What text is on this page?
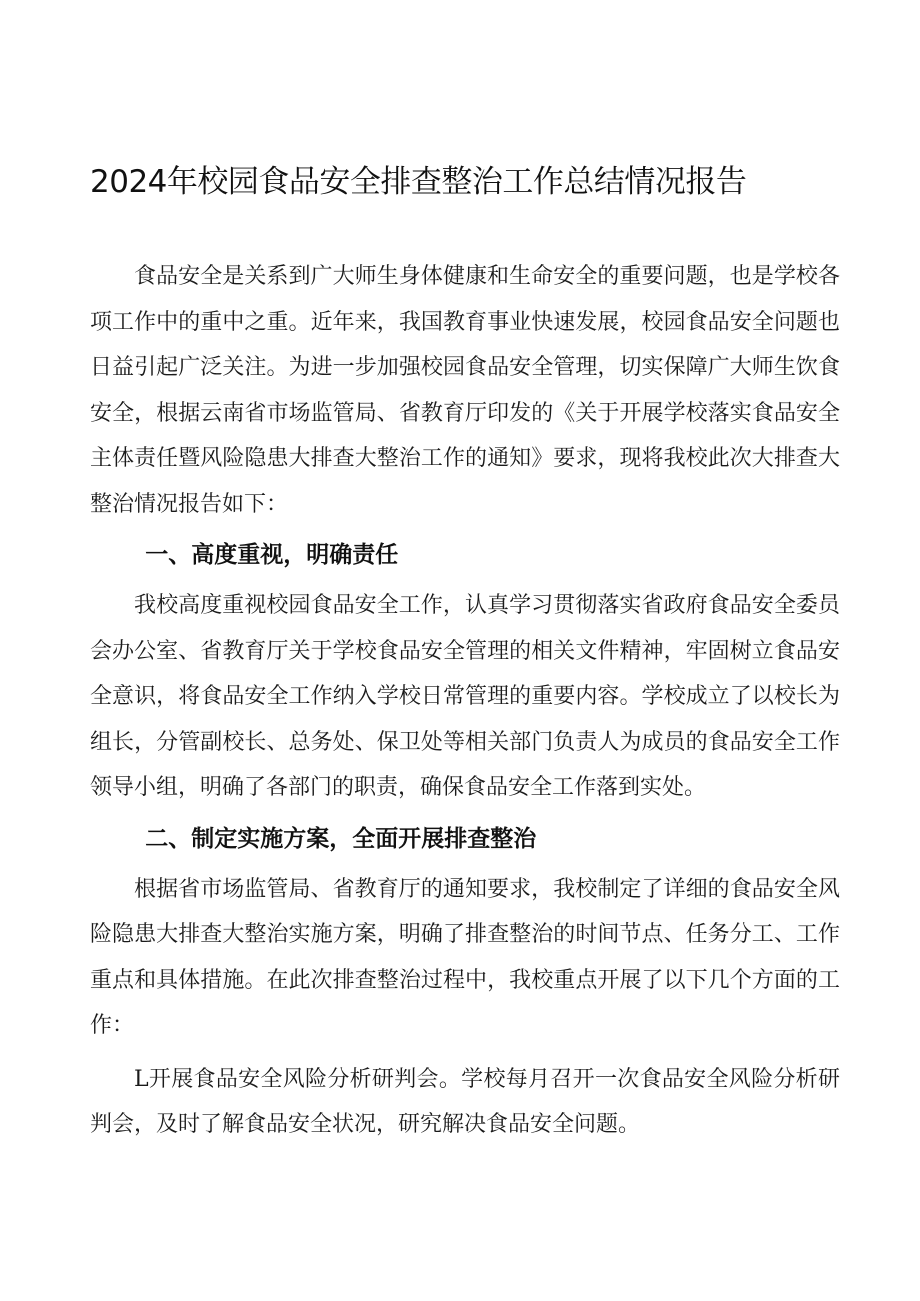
2024年校园食品安全排查整治工作总结情况报告

食品安全是关系到广大师生身体健康和生命安全的重要问题，也是学校各项工作中的重中之重。近年来，我国教育事业快速发展，校园食品安全问题也日益引起广泛关注。为进一步加强校园食品安全管理，切实保障广大师生饮食安全，根据云南省市场监管局、省教育厅印发的《关于开展学校落实食品安全主体责任暨风险隐患大排查大整治工作的通知》要求，现将我校此次大排查大整治情况报告如下：

一、高度重视，明确责任

我校高度重视校园食品安全工作，认真学习贯彻落实省政府食品安全委员会办公室、省教育厅关于学校食品安全管理的相关文件精神，牢固树立食品安全意识，将食品安全工作纳入学校日常管理的重要内容。学校成立了以校长为组长，分管副校长、总务处、保卫处等相关部门负责人为成员的食品安全工作领导小组，明确了各部门的职责，确保食品安全工作落到实处。

二、制定实施方案，全面开展排查整治

根据省市场监管局、省教育厅的通知要求，我校制定了详细的食品安全风险隐患大排查大整治实施方案，明确了排查整治的时间节点、任务分工、工作重点和具体措施。在此次排查整治过程中，我校重点开展了以下几个方面的工作：

L开展食品安全风险分析研判会。学校每月召开一次食品安全风险分析研判会，及时了解食品安全状况，研究解决食品安全问题。
